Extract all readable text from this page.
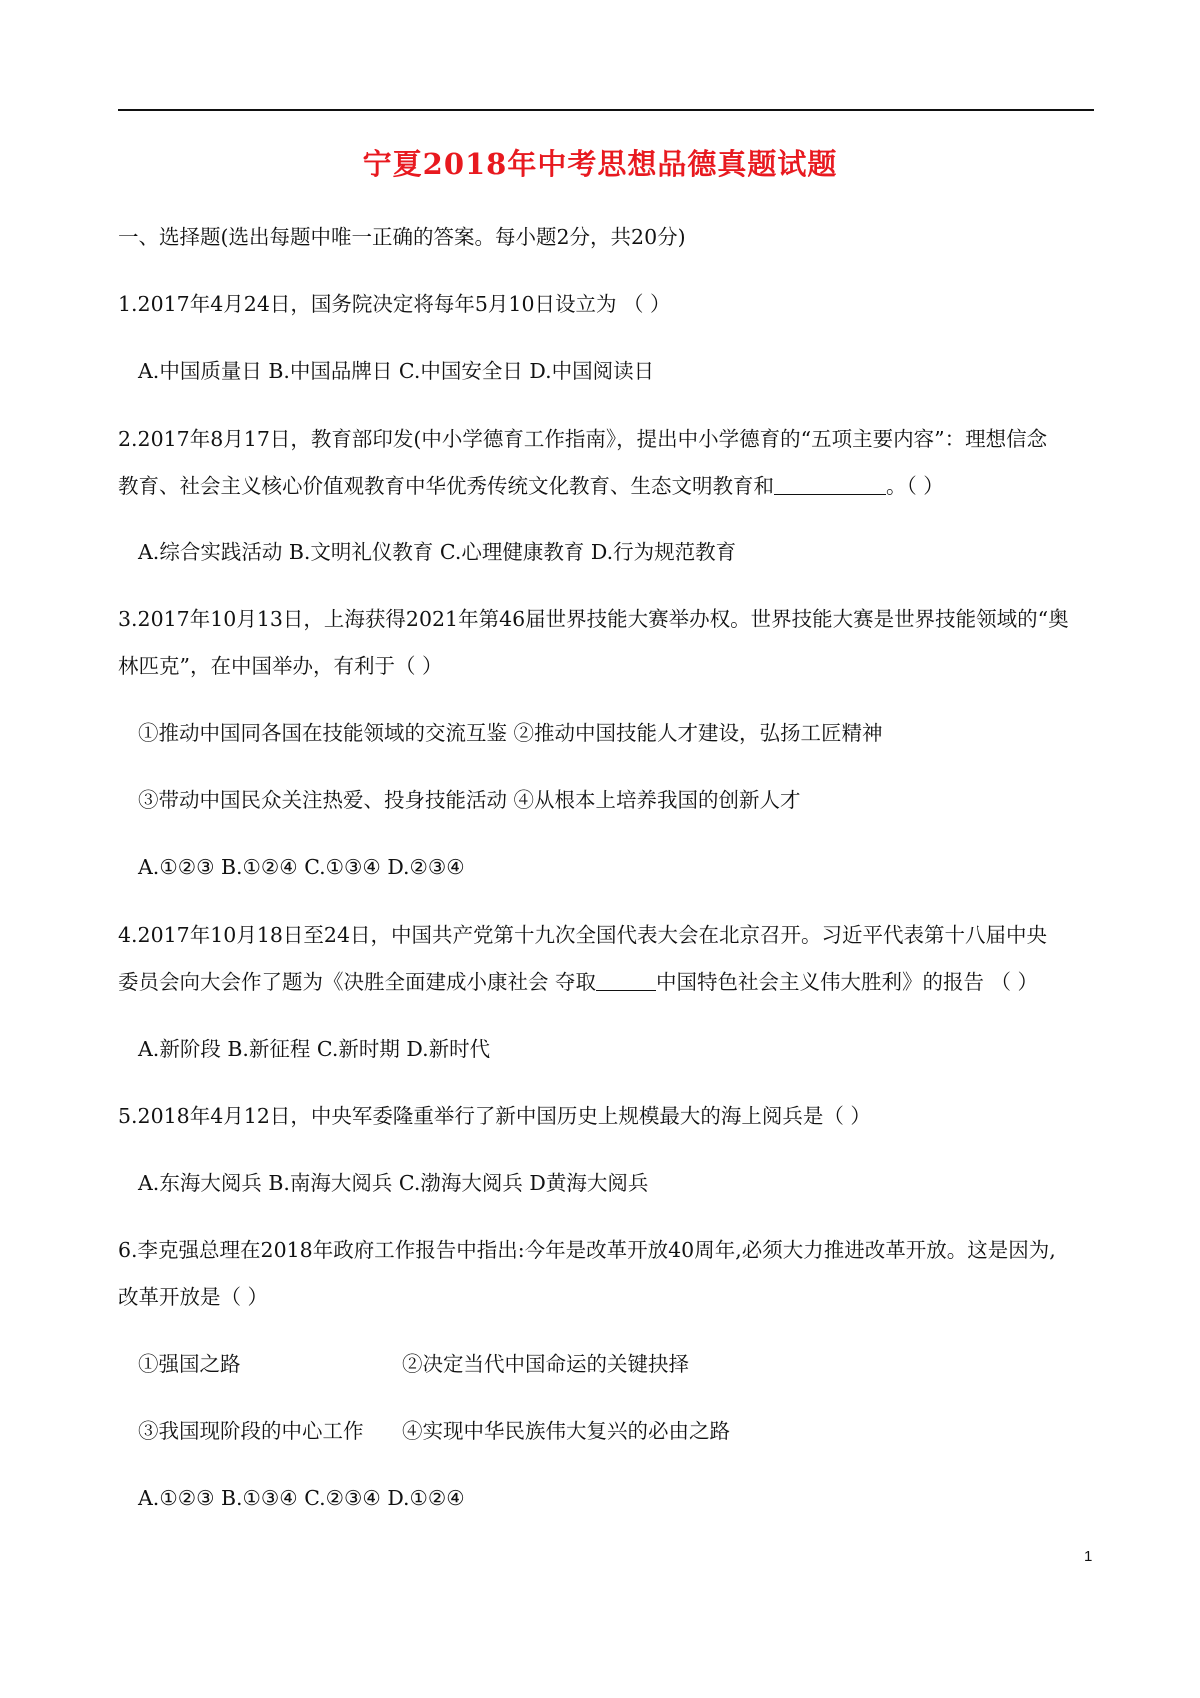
宁夏2018年中考思想品德真题试题
一、选择题(选出每题中唯一正确的答案。每小题2分，共20分)
1.2017年4月24日，国务院决定将每年5月10日设立为 （ ）
A.中国质量日 B.中国品牌日 C.中国安全日 D.中国阅读日
2.2017年8月17日，教育部印发(中小学德育工作指南》，提出中小学德育的“五项主要内容”：理想信念
教育、社会主义核心价值观教育中华优秀传统文化教育、生态文明教育和	。（ ）
A.综合实践活动 B.文明礼仪教育 C.心理健康教育 D.行为规范教育
3.2017年10月13日，上海获得2021年第46届世界技能大赛举办权。世界技能大赛是世界技能领域的“奥
林匹克”，在中国举办，有利于（ ）
①推动中国同各国在技能领域的交流互鉴 ②推动中国技能人才建设，弘扬工匠精神
③带动中国民众关注热爱、投身技能活动 ④从根本上培养我国的创新人才
A.①②③ B.①②④ C.①③④ D.②③④
4.2017年10月18日至24日，中国共产党第十九次全国代表大会在北京召开。习近平代表第十八届中央
委员会向大会作了题为《决胜全面建成小康社会 夺取	中国特色社会主义伟大胜利》的报告 （ ）
A.新阶段 B.新征程 C.新时期 D.新时代
5.2018年4月12日，中央军委隆重举行了新中国历史上规模最大的海上阅兵是（ ）
A.东海大阅兵 B.南海大阅兵 C.渤海大阅兵 D黄海大阅兵
6.李克强总理在2018年政府工作报告中指出:今年是改革开放40周年,必须大力推进改革开放。这是因为,
改革开放是（ ）
①强国之路	②决定当代中国命运的关键抉择
③我国现阶段的中心工作 ④实现中华民族伟大复兴的必由之路
A.①②③ B.①③④ C.②③④ D.①②④
1
